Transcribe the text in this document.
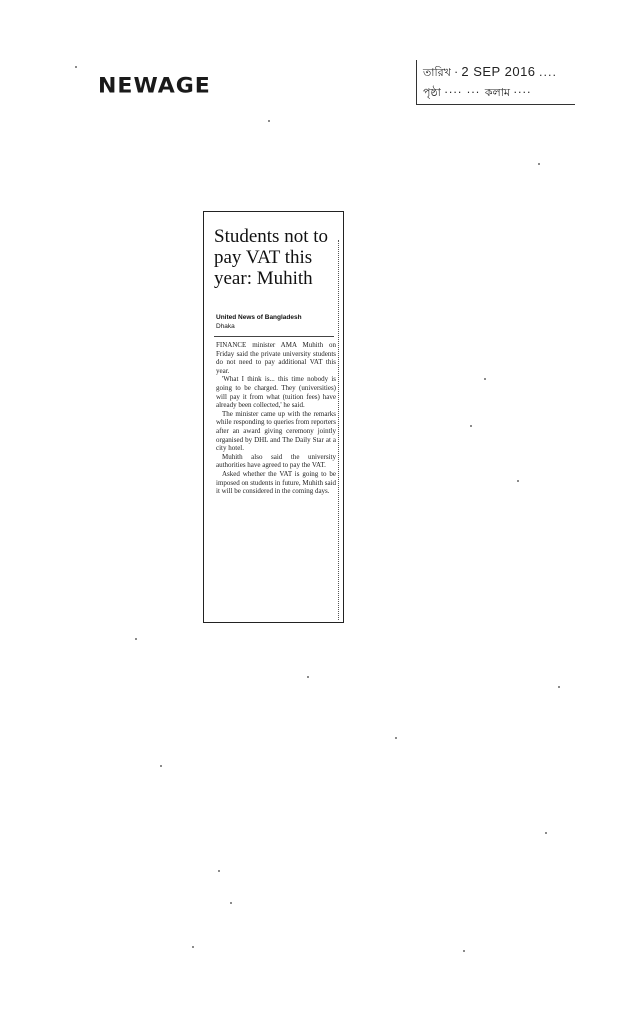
NEWAGE
তারিখ · 2 SEP 2016 ....
পৃষ্ঠা ···· ··· কলাম ····
Students not to pay VAT this year: Muhith
United News of Bangladesh
Dhaka

FINANCE minister AMA Muhith on Friday said the private university students do not need to pay additional VAT this year.

'What I think is... this time nobody is going to be charged. They (universities) will pay it from what (tuition fees) have already been collected,' he said.

The minister came up with the remarks while responding to queries from reporters after an award giving ceremony jointly organised by DHL and The Daily Star at a city hotel.

Muhith also said the university authorities have agreed to pay the VAT.

Asked whether the VAT is going to be imposed on students in future, Muhith said it will be considered in the coming days.
